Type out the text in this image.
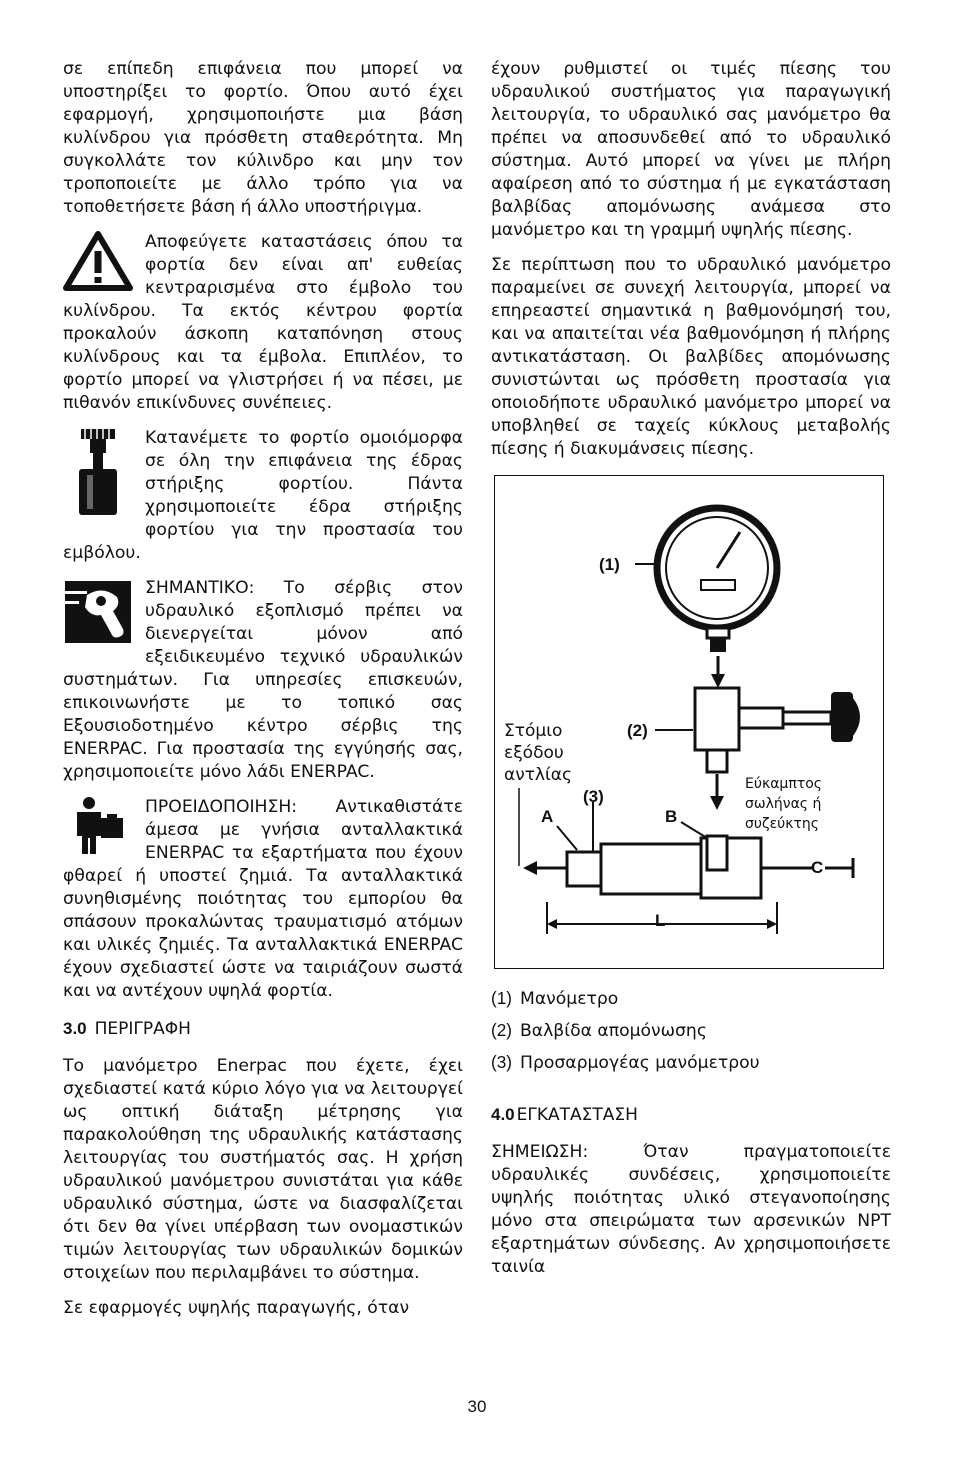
σε επίπεδη επιφάνεια που μπορεί να υποστηρίξει το φορτίο. Όπου αυτό έχει εφαρμογή, χρησιμοποιήστε μια βάση κυλίνδρου για πρόσθετη σταθερότητα. Μη συγκολλάτε τον κύλινδρο και μην τον τροποποιείτε με άλλο τρόπο για να τοποθετήσετε βάση ή άλλο υποστήριγμα.

Αποφεύγετε καταστάσεις όπου τα φορτία δεν είναι απ' ευθείας κεντραρισμένα στο έμβολο του κυλίνδρου. Τα εκτός κέντρου φορτία προκαλούν άσκοπη καταπόνηση στους κυλίνδρους και τα έμβολα. Επιπλέον, το φορτίο μπορεί να γλιστρήσει ή να πέσει, με πιθανόν επικίνδυνες συνέπειες.

Κατανέμετε το φορτίο ομοιόμορφα σε όλη την επιφάνεια της έδρας στήριξης φορτίου. Πάντα χρησιμοποιείτε έδρα στήριξης φορτίου για την προστασία του εμβόλου.

ΣΗΜΑΝΤΙΚΟ: Το σέρβις στον υδραυλικό εξοπλισμό πρέπει να διενεργείται μόνον από εξειδικευμένο τεχνικό υδραυλικών συστημάτων. Για υπηρεσίες επισκευών, επικοινωνήστε με το τοπικό σας Εξουσιοδοτημένο κέντρο σέρβις της ENERPAC. Για προστασία της εγγύησής σας, χρησιμοποιείτε μόνο λάδι ENERPAC.

ΠΡΟΕΙΔΟΠΟΙΗΣΗ: Αντικαθιστάτε άμεσα με γνήσια ανταλλακτικά ENERPAC τα εξαρτήματα που έχουν φθαρεί ή υποστεί ζημιά. Τα ανταλλακτικά συνηθισμένης ποιότητας του εμπορίου θα σπάσουν προκαλώντας τραυματισμό ατόμων και υλικές ζημιές. Τα ανταλλακτικά ENERPAC έχουν σχεδιαστεί ώστε να ταιριάζουν σωστά και να αντέχουν υψηλά φορτία.

3.0 ΠΕΡΙΓΡΑΦΗ

Το μανόμετρο Enerpac που έχετε, έχει σχεδιαστεί κατά κύριο λόγο για να λειτουργεί ως οπτική διάταξη μέτρησης για παρακολούθηση της υδραυλικής κατάστασης λειτουργίας του συστήματός σας. Η χρήση υδραυλικού μανόμετρου συνιστάται για κάθε υδραυλικό σύστημα, ώστε να διασφαλίζεται ότι δεν θα γίνει υπέρβαση των ονομαστικών τιμών λειτουργίας των υδραυλικών δομικών στοιχείων που περιλαμβάνει το σύστημα.

Σε εφαρμογές υψηλής παραγωγής, όταν

έχουν ρυθμιστεί οι τιμές πίεσης του υδραυλικού συστήματος για παραγωγική λειτουργία, το υδραυλικό σας μανόμετρο θα πρέπει να αποσυνδεθεί από το υδραυλικό σύστημα. Αυτό μπορεί να γίνει με πλήρη αφαίρεση από το σύστημα ή με εγκατάσταση βαλβίδας απομόνωσης ανάμεσα στο μανόμετρο και τη γραμμή υψηλής πίεσης.

Σε περίπτωση που το υδραυλικό μανόμετρο παραμείνει σε συνεχή λειτουργία, μπορεί να επηρεαστεί σημαντικά η βαθμονόμησή του, και να απαιτείται νέα βαθμονόμηση ή πλήρης αντικατάσταση. Οι βαλβίδες απομόνωσης συνιστώνται ως πρόσθετη προστασία για οποιοδήποτε υδραυλικό μανόμετρο μπορεί να υποβληθεί σε ταχείς κύκλους μεταβολής πίεσης ή διακυμάνσεις πίεσης.

(1)
(2)
(3)
A	B
C
L
Στόμιο εξόδου αντλίας	Εύκαμπτος σωλήνας ή συζεύκτης
(1) Μανόμετρο
(2) Βαλβίδα απομόνωσης
(3) Προσαρμογέας μανόμετρου
4.0 ΕΓΚΑΤΑΣΤΑΣΗ

ΣΗΜΕΙΩΣΗ: Όταν πραγματοποιείτε υδραυλικές συνδέσεις, χρησιμοποιείτε υψηλής ποιότητας υλικό στεγανοποίησης μόνο στα σπειρώματα των αρσενικών NPT εξαρτημάτων σύνδεσης. Αν χρησιμοποιήσετε ταινία

30
